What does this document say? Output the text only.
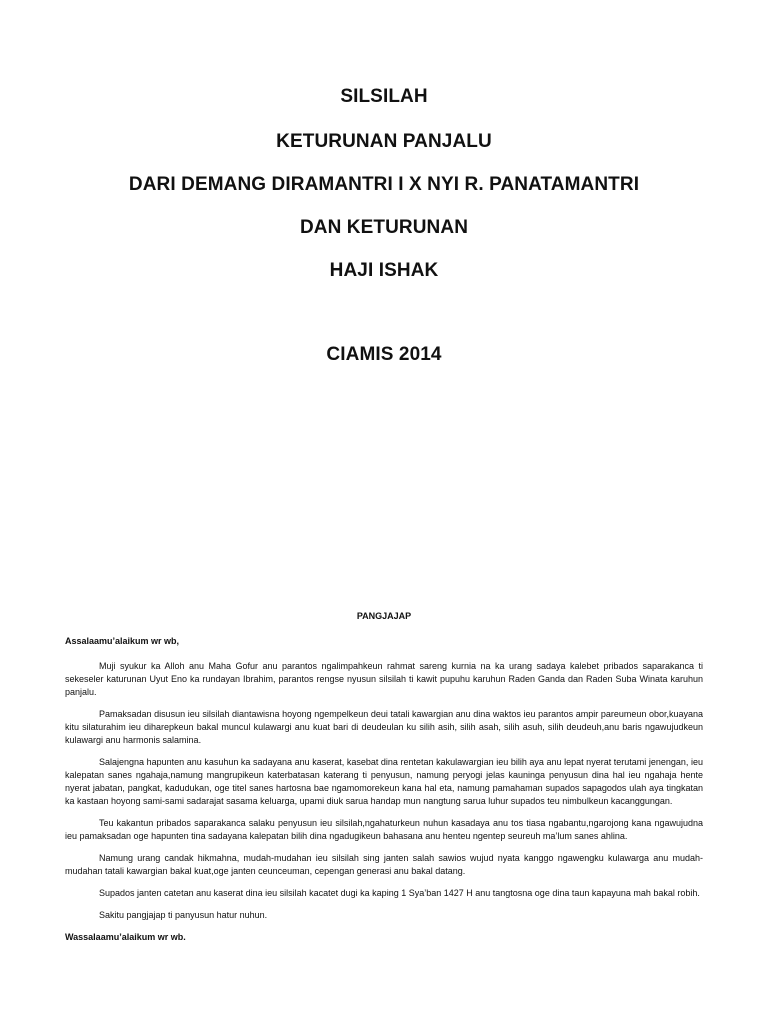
SILSILAH

KETURUNAN PANJALU

DARI DEMANG DIRAMANTRI I X NYI R. PANATAMANTRI

DAN KETURUNAN

HAJI ISHAK

CIAMIS 2014

PANGJAJAP

Assalaamu’alaikum wr wb,

Muji syukur ka Alloh anu Maha Gofur anu parantos ngalimpahkeun rahmat sareng kurnia na ka urang sadaya kalebet pribados saparakanca ti sekeseler katurunan Uyut Eno ka rundayan Ibrahim, parantos rengse nyusun silsilah ti kawit pupuhu karuhun Raden Ganda dan Raden Suba Winata karuhun panjalu.

Pamaksadan disusun ieu silsilah diantawisna hoyong ngempelkeun deui tatali kawargian anu dina waktos ieu parantos ampir pareumeun obor,kuayana kitu silaturahim ieu diharepkeun bakal muncul kulawargi anu kuat bari di deudeulan ku silih asih, silih asah, silih asuh, silih deudeuh,anu baris ngawujudkeun kulawargi anu harmonis salamina.

Salajengna hapunten anu kasuhun ka sadayana anu kaserat, kasebat dina rentetan kakulawargian ieu bilih aya anu lepat nyerat terutami jenengan, ieu kalepatan sanes ngahaja,namung mangrupikeun katerbatasan katerang ti penyusun, namung peryogi jelas kauninga penyusun dina hal ieu ngahaja hente nyerat jabatan, pangkat, kadudukan, oge titel sanes hartosna bae ngamomorekeun kana hal eta, namung pamahaman supados sapagodos ulah aya tingkatan ka kastaan hoyong sami-sami sadarajat sasama keluarga, upami diuk sarua handap mun nangtung sarua luhur supados teu nimbulkeun kacanggungan.

Teu kakantun pribados saparakanca salaku penyusun ieu silsilah,ngahaturkeun nuhun kasadaya anu tos tiasa ngabantu,ngarojong kana ngawujudna ieu pamaksadan oge hapunten tina sadayana kalepatan bilih dina ngadugikeun bahasana anu henteu ngentep seureuh ma’lum sanes ahlina.

Namung urang candak hikmahna, mudah-mudahan ieu silsilah sing janten salah sawios wujud nyata kanggo ngawengku kulawarga anu mudah-mudahan tatali kawargian bakal kuat,oge janten ceunceuman, cepengan generasi anu bakal datang.

Supados janten catetan anu kaserat dina ieu silsilah kacatet dugi ka kaping 1 Sya’ban 1427 H anu tangtosna oge dina taun kapayuna mah bakal robih.

Sakitu pangjajap ti panyusun hatur nuhun.

Wassalaamu’alaikum wr wb.
